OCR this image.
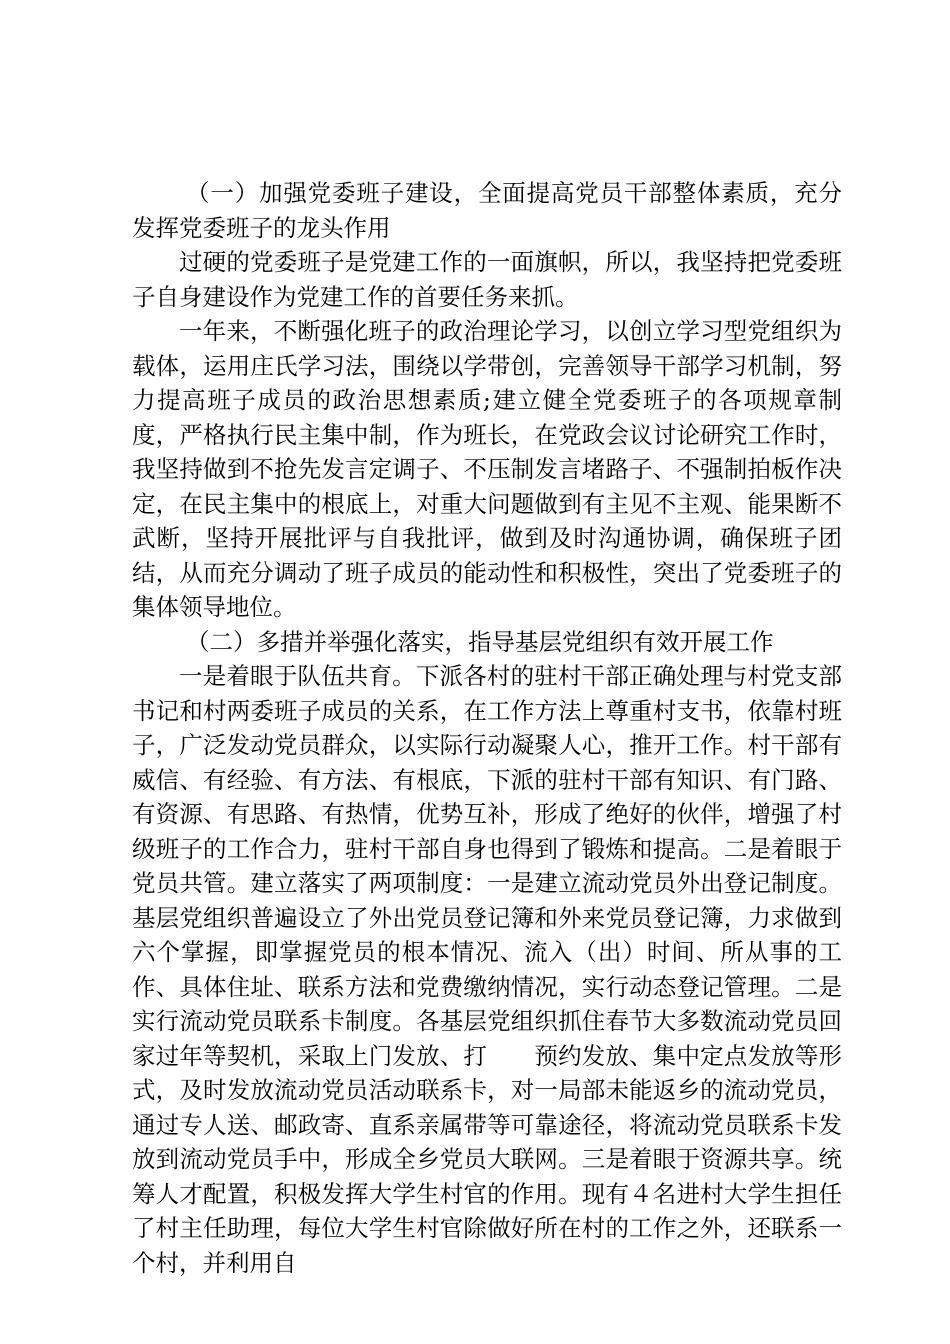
（一）加强党委班子建设，全面提高党员干部整体素质，充分发挥党委班子的龙头作用

过硬的党委班子是党建工作的一面旗帜，所以，我坚持把党委班子自身建设作为党建工作的首要任务来抓。

一年来，不断强化班子的政治理论学习，以创立学习型党组织为载体，运用庄氏学习法，围绕以学带创，完善领导干部学习机制，努力提高班子成员的政治思想素质;建立健全党委班子的各项规章制度，严格执行民主集中制，作为班长，在党政会议讨论研究工作时，我坚持做到不抢先发言定调子、不压制发言堵路子、不强制拍板作决定，在民主集中的根底上，对重大问题做到有主见不主观、能果断不武断，坚持开展批评与自我批评，做到及时沟通协调，确保班子团结，从而充分调动了班子成员的能动性和积极性，突出了党委班子的集体领导地位。

（二）多措并举强化落实，指导基层党组织有效开展工作

一是着眼于队伍共育。下派各村的驻村干部正确处理与村党支部书记和村两委班子成员的关系，在工作方法上尊重村支书，依靠村班子，广泛发动党员群众，以实际行动凝聚人心，推开工作。村干部有威信、有经验、有方法、有根底，下派的驻村干部有知识、有门路、有资源、有思路、有热情，优势互补，形成了绝好的伙伴，增强了村级班子的工作合力，驻村干部自身也得到了锻炼和提高。二是着眼于党员共管。建立落实了两项制度：一是建立流动党员外出登记制度。基层党组织普遍设立了外出党员登记簿和外来党员登记簿，力求做到六个掌握，即掌握党员的根本情况、流入（出）时间、所从事的工作、具体住址、联系方法和党费缴纳情况，实行动态登记管理。二是实行流动党员联系卡制度。各基层党组织抓住春节大多数流动党员回家过年等契机，采取上门发放、打　　预约发放、集中定点发放等形式，及时发放流动党员活动联系卡，对一局部未能返乡的流动党员，通过专人送、邮政寄、直系亲属带等可靠途径，将流动党员联系卡发放到流动党员手中，形成全乡党员大联网。三是着眼于资源共享。统筹人才配置，积极发挥大学生村官的作用。现有４名进村大学生担任了村主任助理，每位大学生村官除做好所在村的工作之外，还联系一个村，并利用自
